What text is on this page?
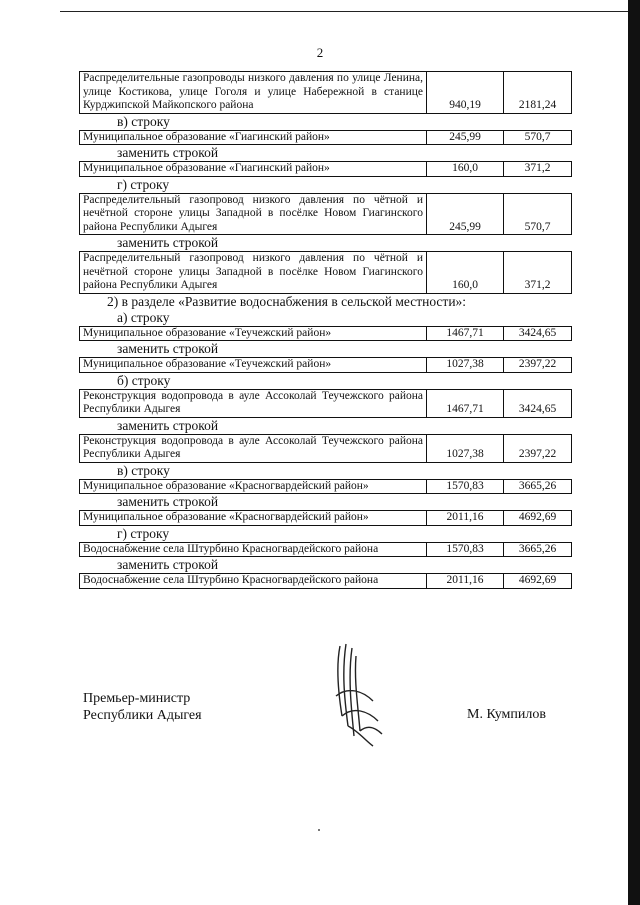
2
Распределительные газопроводы низкого давления по улице Ленина, улице Костикова, улице Гоголя и улице Набережной в станице Курджипской Майкопского района	940,19	2181,24
в) строку
Муниципальное образование «Гиагинский район»	245,99	570,7
заменить строкой
Муниципальное образование «Гиагинский район»	160,0	371,2
г) строку
Распределительный газопровод низкого давления по чётной и нечётной стороне улицы Западной в посёлке Новом Гиагинского района Республики Адыгея	245,99	570,7
заменить строкой
Распределительный газопровод низкого давления по чётной и нечётной стороне улицы Западной в посёлке Новом Гиагинского района Республики Адыгея	160,0	371,2
2) в разделе «Развитие водоснабжения в сельской местности»:
а) строку
Муниципальное образование «Теучежский район»	1467,71	3424,65
заменить строкой
Муниципальное образование «Теучежский район»	1027,38	2397,22
б) строку
Реконструкция водопровода в ауле Ассоколай Теучежского района Республики Адыгея	1467,71	3424,65
заменить строкой
Реконструкция водопровода в ауле Ассоколай Теучежского района Республики Адыгея	1027,38	2397,22
в) строку
Муниципальное образование «Красногвардейский район»	1570,83	3665,26
заменить строкой
Муниципальное образование «Красногвардейский район»	2011,16	4692,69
г) строку
Водоснабжение села Штурбино Красногвардейского района	1570,83	3665,26
заменить строкой
Водоснабжение села Штурбино Красногвардейского района	2011,16	4692,69
Премьер-министр
Республики Адыгея	М. Кумпилов
